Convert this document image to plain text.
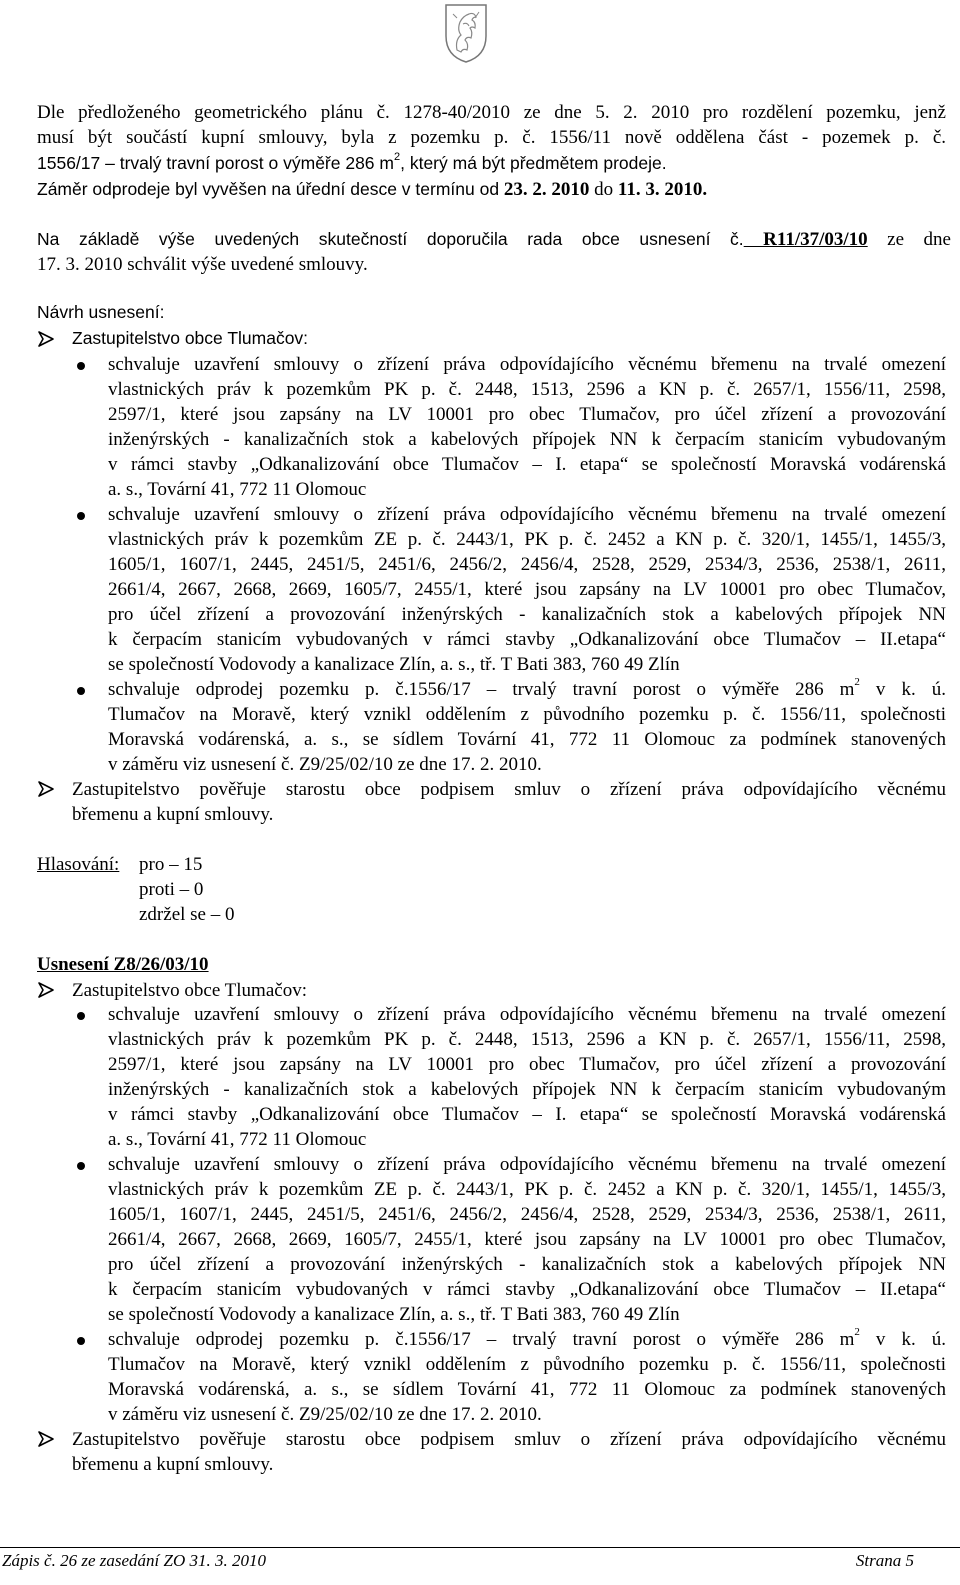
Dle předloženého geometrického plánu č. 1278-40/2010 ze dne 5. 2. 2010 pro rozdělení pozemku, jenž
musí být součástí kupní smlouvy, byla z pozemku p. č. 1556/11 nově oddělena část - pozemek p. č.
1556/17 – trvalý travní porost o výměře 286 $m^2$, který má být předmětem prodeje.
Záměr odprodeje byl vyvěšen na úřední desce v termínu od 23. 2. 2010 do 11. 3. 2010.
Na základě výše uvedených skutečností doporučila rada obce usnesení č. R11/37/03/10 ze dne
17. 3. 2010 schválit výše uvedené smlouvy.
Návrh usnesení:
Zastupitelstvo obce Tlumačov:
schvaluje uzavření smlouvy o zřízení práva odpovídajícího věcnému břemenu na trvalé omezení
vlastnických práv k pozemkům PK p. č. 2448, 1513, 2596 a KN p. č. 2657/1, 1556/11, 2598,
2597/1, které jsou zapsány na LV 10001 pro obec Tlumačov, pro účel zřízení a provozování
inženýrských - kanalizačních stok a kabelových přípojek NN k čerpacím stanicím vybudovaným
v rámci stavby „Odkanalizování obce Tlumačov – I. etapa“ se společností Moravská vodárenská
a. s., Tovární 41, 772 11 Olomouc
schvaluje uzavření smlouvy o zřízení práva odpovídajícího věcnému břemenu na trvalé omezení
vlastnických práv k pozemkům ZE p. č. 2443/1, PK p. č. 2452 a KN p. č. 320/1, 1455/1, 1455/3,
1605/1, 1607/1, 2445, 2451/5, 2451/6, 2456/2, 2456/4, 2528, 2529, 2534/3, 2536, 2538/1, 2611,
2661/4, 2667, 2668, 2669, 1605/7, 2455/1, které jsou zapsány na LV 10001 pro obec Tlumačov,
pro účel zřízení a provozování inženýrských - kanalizačních stok a kabelových přípojek NN
k čerpacím stanicím vybudovaných v rámci stavby „Odkanalizování obce Tlumačov – II.etapa“
se společností Vodovody a kanalizace Zlín, a. s., tř. T Bati 383, 760 49 Zlín
schvaluje odprodej pozemku p. č.1556/17 – trvalý travní porost o výměře 286 $m^2$ v k. ú.
Tlumačov na Moravě, který vznikl oddělením z původního pozemku p. č. 1556/11, společnosti
Moravská vodárenská, a. s., se sídlem Tovární 41, 772 11 Olomouc za podmínek stanovených
v záměru viz usnesení č. Z9/25/02/10 ze dne 17. 2. 2010.
Zastupitelstvo pověřuje starostu obce podpisem smluv o zřízení práva odpovídajícího věcnému
břemenu a kupní smlouvy.
Hlasování: pro – 15
proti – 0
zdržel se – 0
Usnesení Z8/26/03/10
Zastupitelstvo obce Tlumačov:
schvaluje uzavření smlouvy o zřízení práva odpovídajícího věcnému břemenu na trvalé omezení
vlastnických práv k pozemkům PK p. č. 2448, 1513, 2596 a KN p. č. 2657/1, 1556/11, 2598,
2597/1, které jsou zapsány na LV 10001 pro obec Tlumačov, pro účel zřízení a provozování
inženýrských - kanalizačních stok a kabelových přípojek NN k čerpacím stanicím vybudovaným
v rámci stavby „Odkanalizování obce Tlumačov – I. etapa“ se společností Moravská vodárenská
a. s., Tovární 41, 772 11 Olomouc
schvaluje uzavření smlouvy o zřízení práva odpovídajícího věcnému břemenu na trvalé omezení
vlastnických práv k pozemkům ZE p. č. 2443/1, PK p. č. 2452 a KN p. č. 320/1, 1455/1, 1455/3,
1605/1, 1607/1, 2445, 2451/5, 2451/6, 2456/2, 2456/4, 2528, 2529, 2534/3, 2536, 2538/1, 2611,
2661/4, 2667, 2668, 2669, 1605/7, 2455/1, které jsou zapsány na LV 10001 pro obec Tlumačov,
pro účel zřízení a provozování inženýrských - kanalizačních stok a kabelových přípojek NN
k čerpacím stanicím vybudovaných v rámci stavby „Odkanalizování obce Tlumačov – II.etapa“
se společností Vodovody a kanalizace Zlín, a. s., tř. T Bati 383, 760 49 Zlín
schvaluje odprodej pozemku p. č.1556/17 – trvalý travní porost o výměře 286 $m^2$ v k. ú.
Tlumačov na Moravě, který vznikl oddělením z původního pozemku p. č. 1556/11, společnosti
Moravská vodárenská, a. s., se sídlem Tovární 41, 772 11 Olomouc za podmínek stanovených
v záměru viz usnesení č. Z9/25/02/10 ze dne 17. 2. 2010.
Zastupitelstvo pověřuje starostu obce podpisem smluv o zřízení práva odpovídajícího věcnému
břemenu a kupní smlouvy.
Zápis č. 26 ze zasedání ZO 31. 3. 2010	Strana 5
